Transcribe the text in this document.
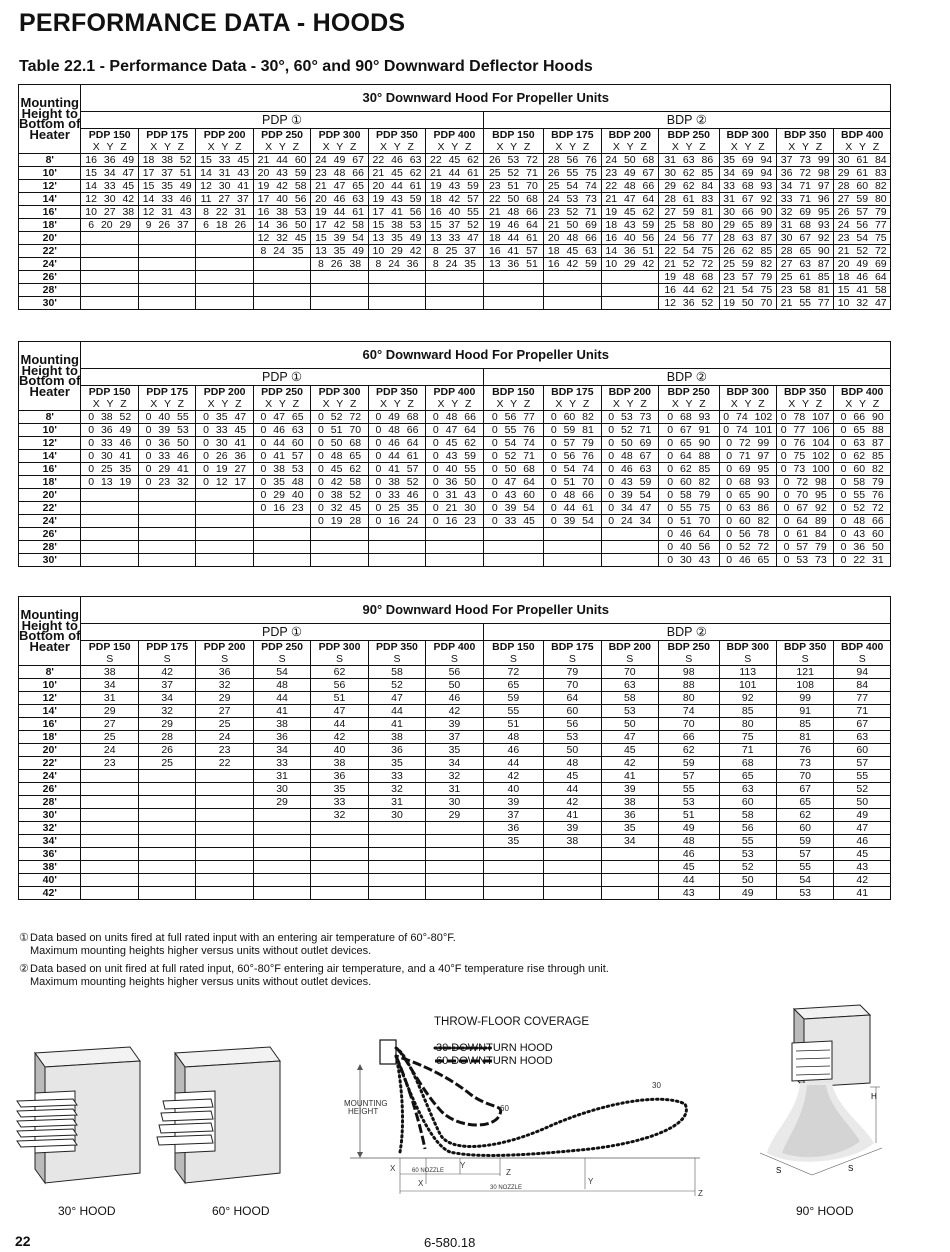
PERFORMANCE DATA - HOODS
Table 22.1 - Performance Data - 30°, 60° and 90° Downward Deflector Hoods
Mounting Height to Bottom of Heater	30° Downward Hood For Propeller Units													
	PDP ①							BDP ②						
	PDP 150	PDP 175	PDP 200	PDP 250	PDP 300	PDP 350	PDP 400	BDP 150	BDP 175	BDP 200	BDP 250	BDP 300	BDP 350	BDP 400
	X Y Z	X Y Z	X Y Z	X Y Z	X Y Z	X Y Z	X Y Z	X Y Z	X Y Z	X Y Z	X Y Z	X Y Z	X Y Z	X Y Z
8'	16 36 49	18 38 52	15 33 45	21 44 60	24 49 67	22 46 63	22 45 62	26 53 72	28 56 76	24 50 68	31 63 86	35 69 94	37 73 99	30 61 84
10'	15 34 47	17 37 51	14 31 43	20 43 59	23 48 66	21 45 62	21 44 61	25 52 71	26 55 75	23 49 67	30 62 85	34 69 94	36 72 98	29 61 83
12'	14 33 45	15 35 49	12 30 41	19 42 58	21 47 65	20 44 61	19 43 59	23 51 70	25 54 74	22 48 66	29 62 84	33 68 93	34 71 97	28 60 82
14'	12 30 42	14 33 46	11 27 37	17 40 56	20 46 63	19 43 59	18 42 57	22 50 68	24 53 73	21 47 64	28 61 83	31 67 92	33 71 96	27 59 80
16'	10 27 38	12 31 43	8 22 31	16 38 53	19 44 61	17 41 56	16 40 55	21 48 66	23 52 71	19 45 62	27 59 81	30 66 90	32 69 95	26 57 79
18'	6 20 29	9 26 37	6 18 26	14 36 50	17 42 58	15 38 53	15 37 52	19 46 64	21 50 69	18 43 59	25 58 80	29 65 89	31 68 93	24 56 77
20'				12 32 45	15 39 54	13 35 49	13 33 47	18 44 61	20 48 66	16 40 56	24 56 77	28 63 87	30 67 92	23 54 75
22'				8 24 35	13 35 49	10 29 42	8 25 37	16 41 57	18 45 63	14 36 51	22 54 75	26 62 85	28 65 90	21 52 72
24'					8 26 38	8 24 36	8 24 35	13 36 51	16 42 59	10 29 42	21 52 72	25 59 82	27 63 87	20 49 69
26'											19 48 68	23 57 79	25 61 85	18 46 64
28'											16 44 62	21 54 75	23 58 81	15 41 58
30'											12 36 52	19 50 70	21 55 77	10 32 47
Mounting Height to Bottom of Heater	60° Downward Hood For Propeller Units													
	PDP ①							BDP ②						
	PDP 150	PDP 175	PDP 200	PDP 250	PDP 300	PDP 350	PDP 400	BDP 150	BDP 175	BDP 200	BDP 250	BDP 300	BDP 350	BDP 400
	X Y Z	X Y Z	X Y Z	X Y Z	X Y Z	X Y Z	X Y Z	X Y Z	X Y Z	X Y Z	X Y Z	X Y Z	X Y Z	X Y Z
8'	0 38 52	0 40 55	0 35 47	0 47 65	0 52 72	0 49 68	0 48 66	0 56 77	0 60 82	0 53 73	0 68 93	0 74 102	0 78 107	0 66 90
10'	0 36 49	0 39 53	0 33 45	0 46 63	0 51 70	0 48 66	0 47 64	0 55 76	0 59 81	0 52 71	0 67 91	0 74 101	0 77 106	0 65 88
12'	0 33 46	0 36 50	0 30 41	0 44 60	0 50 68	0 46 64	0 45 62	0 54 74	0 57 79	0 50 69	0 65 90	0 72 99	0 76 104	0 63 87
14'	0 30 41	0 33 46	0 26 36	0 41 57	0 48 65	0 44 61	0 43 59	0 52 71	0 56 76	0 48 67	0 64 88	0 71 97	0 75 102	0 62 85
16'	0 25 35	0 29 41	0 19 27	0 38 53	0 45 62	0 41 57	0 40 55	0 50 68	0 54 74	0 46 63	0 62 85	0 69 95	0 73 100	0 60 82
18'	0 13 19	0 23 32	0 12 17	0 35 48	0 42 58	0 38 52	0 36 50	0 47 64	0 51 70	0 43 59	0 60 82	0 68 93	0 72 98	0 58 79
20'				0 29 40	0 38 52	0 33 46	0 31 43	0 43 60	0 48 66	0 39 54	0 58 79	0 65 90	0 70 95	0 55 76
22'				0 16 23	0 32 45	0 25 35	0 21 30	0 39 54	0 44 61	0 34 47	0 55 75	0 63 86	0 67 92	0 52 72
24'					0 19 28	0 16 24	0 16 23	0 33 45	0 39 54	0 24 34	0 51 70	0 60 82	0 64 89	0 48 66
26'											0 46 64	0 56 78	0 61 84	0 43 60
28'											0 40 56	0 52 72	0 57 79	0 36 50
30'											0 30 43	0 46 65	0 53 73	0 22 31
Mounting Height to Bottom of Heater	90° Downward Hood For Propeller Units													
	PDP ①							BDP ②						
	PDP 150	PDP 175	PDP 200	PDP 250	PDP 300	PDP 350	PDP 400	BDP 150	BDP 175	BDP 200	BDP 250	BDP 300	BDP 350	BDP 400
	S	S	S	S	S	S	S	S	S	S	S	S	S	S
8'	38	42	36	54	62	58	56	72	79	70	98	113	121	94
10'	34	37	32	48	56	52	50	65	70	63	88	101	108	84
12'	31	34	29	44	51	47	46	59	64	58	80	92	99	77
14'	29	32	27	41	47	44	42	55	60	53	74	85	91	71
16'	27	29	25	38	44	41	39	51	56	50	70	80	85	67
18'	25	28	24	36	42	38	37	48	53	47	66	75	81	63
20'	24	26	23	34	40	36	35	46	50	45	62	71	76	60
22'	23	25	22	33	38	35	34	44	48	42	59	68	73	57
24'				31	36	33	32	42	45	41	57	65	70	55
26'				30	35	32	31	40	44	39	55	63	67	52
28'				29	33	31	30	39	42	38	53	60	65	50
30'					32	30	29	37	41	36	51	58	62	49
32'								36	39	35	49	56	60	47
34'								35	38	34	48	55	59	46
36'											46	53	57	45
38'											45	52	55	43
40'											44	50	54	42
42'											43	49	53	41
①Data based on units fired at full rated input with an entering air temperature of 60°-80°F.
Maximum mounting heights higher versus units without outlet devices.
②Data based on unit fired at full rated input, 60°-80°F entering air temperature, and a 40°F temperature rise through unit.
Maximum mounting heights higher versus units without outlet devices.
30° HOOD	60° HOOD	90° HOOD
THROW-FLOOR COVERAGE
MOUNTING
HEIGHT	60
30
X	Y
Z
X	Y
Z
60 NOZZLE
30 NOZZLE
30 DOWNTURN HOOD
60 DOWNTURN HOOD
H
S	S
22	6-580.18
